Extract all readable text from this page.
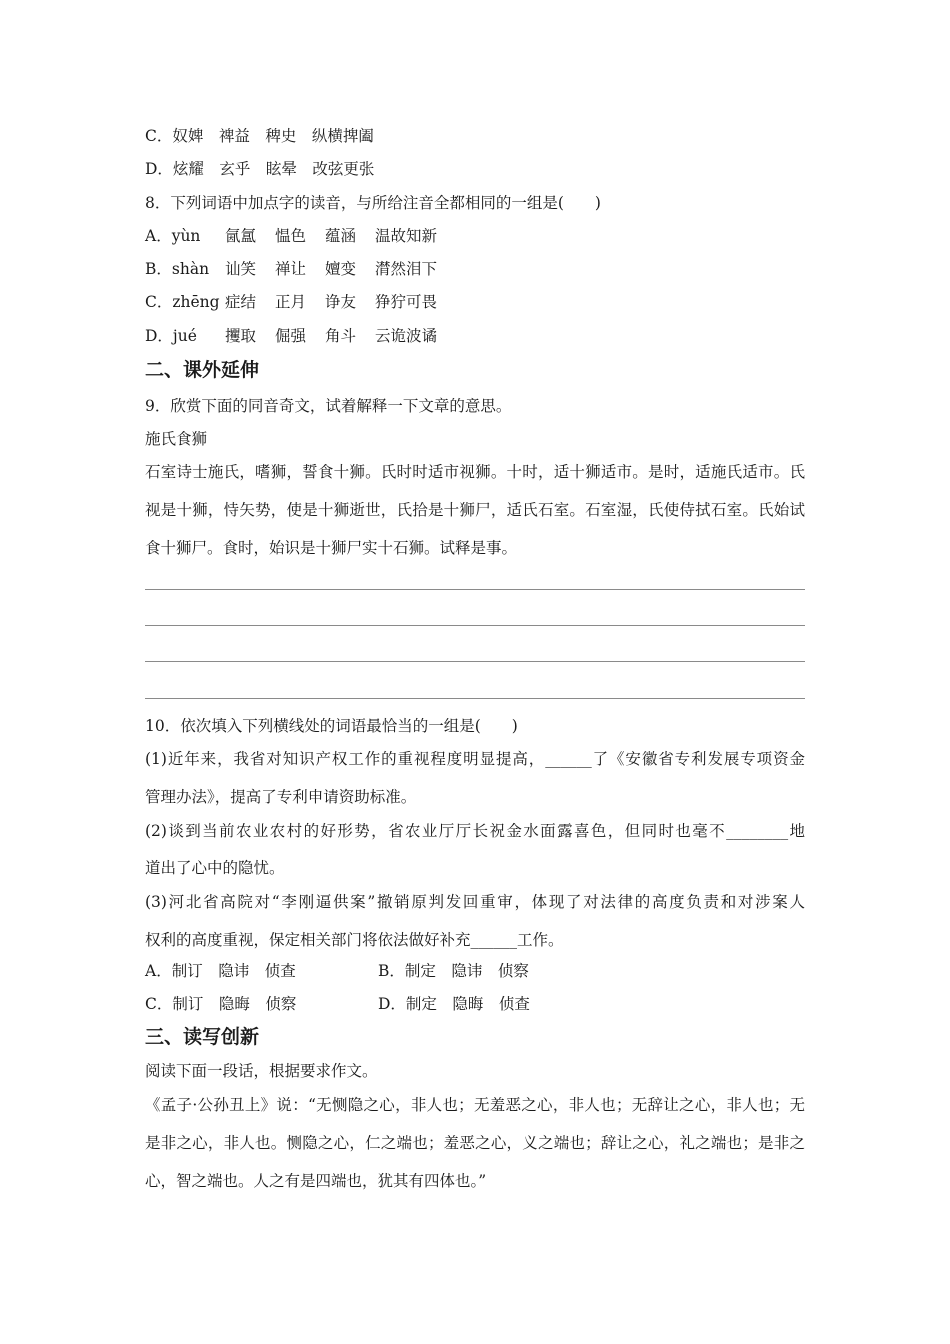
C．奴婢　禆益　稗史　纵横捭阖
D．炫耀　玄乎　眩晕　改弦更张
8．下列词语中加点字的读音，与所给注音全都相同的一组是(　　)
A．yùn 氤氲 愠色 蕴涵 温故知新
B．shàn 讪笑 禅让 嬗变 潸然泪下
C．zhēng 症结 正月 诤友 狰狞可畏
D．jué 攫取 倔强 角斗 云诡波谲
二、课外延伸
9．欣赏下面的同音奇文，试着解释一下文章的意思。
施氏食狮
石室诗士施氏，嗜狮，誓食十狮。氏时时适市视狮。十时，适十狮适市。是时，适施氏适市。氏
视是十狮，恃矢势，使是十狮逝世，氏拾是十狮尸，适氏石室。石室湿，氏使侍拭石室。氏始试
食十狮尸。食时，始识是十狮尸实十石狮。试释是事。
10．依次填入下列横线处的词语最恰当的一组是(　　)
(1)近年来，我省对知识产权工作的重视程度明显提高，______了《安徽省专利发展专项资金
管理办法》，提高了专利申请资助标准。
(2)谈到当前农业农村的好形势，省农业厅厅长祝金水面露喜色，但同时也毫不________地
道出了心中的隐忧。
(3)河北省高院对“李刚逼供案”撤销原判发回重审，体现了对法律的高度负责和对涉案人
权利的高度重视，保定相关部门将依法做好补充______工作。
A．制订　隐讳　侦查	B．制定　隐讳　侦察
C．制订　隐晦　侦察	D．制定　隐晦　侦查
三、读写创新
阅读下面一段话，根据要求作文。
《孟子·公孙丑上》说：“无恻隐之心，非人也；无羞恶之心，非人也；无辞让之心，非人也；无
是非之心，非人也。恻隐之心，仁之端也；羞恶之心，义之端也；辞让之心，礼之端也；是非之
心，智之端也。人之有是四端也，犹其有四体也。”
